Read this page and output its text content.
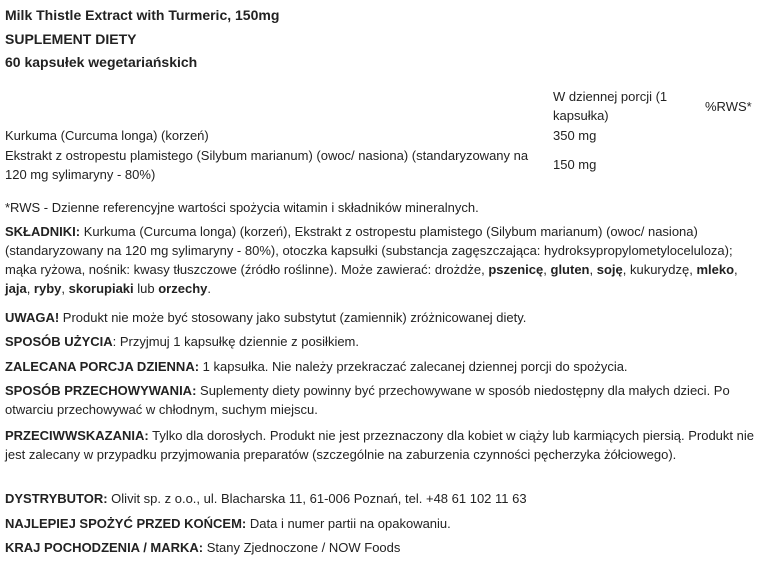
Milk Thistle Extract with Turmeric, 150mg
SUPLEMENT DIETY
60 kapsułek wegetariańskich
W dziennej porcji (1 kapsułka)
%RWS*
Kurkuma (Curcuma longa) (korzeń)	350 mg
Ekstrakt z ostropestu plamistego (Silybum marianum) (owoc/ nasiona) (standaryzowany na 120 mg sylimaryny - 80%)
150 mg
*RWS - Dzienne referencyjne wartości spożycia witamin i składników mineralnych.
SKŁADNIKI: Kurkuma (Curcuma longa) (korzeń), Ekstrakt z ostropestu plamistego (Silybum marianum) (owoc/ nasiona) (standaryzowany na 120 mg sylimaryny - 80%), otoczka kapsułki (substancja zagęszczająca: hydroksypropylometyloceluloza); mąka ryżowa, nośnik: kwasy tłuszczowe (źródło roślinne). Może zawierać: drożdże, pszenicę, gluten, soję, kukurydzę, mleko, jaja, ryby, skorupiaki lub orzechy.
UWAGA! Produkt nie może być stosowany jako substytut (zamiennik) zróżnicowanej diety.
SPOSÓB UŻYCIA: Przyjmuj 1 kapsułkę dziennie z posiłkiem.
ZALECANA PORCJA DZIENNA: 1 kapsułka. Nie należy przekraczać zalecanej dziennej porcji do spożycia.
SPOSÓB PRZECHOWYWANIA: Suplementy diety powinny być przechowywane w sposób niedostępny dla małych dzieci. Po otwarciu przechowywać w chłodnym, suchym miejscu.
PRZECIWWSKAZANIA: Tylko dla dorosłych. Produkt nie jest przeznaczony dla kobiet w ciąży lub karmiących piersią. Produkt nie jest zalecany w przypadku przyjmowania preparatów (szczególnie na zaburzenia czynności pęcherzyka żółciowego).
DYSTRYBUTOR: Olivit sp. z o.o., ul. Blacharska 11, 61-006 Poznań, tel. +48 61 102 11 63
NAJLEPIEJ SPOŻYĆ PRZED KOŃCEM: Data i numer partii na opakowaniu.
KRAJ POCHODZENIA / MARKA: Stany Zjednoczone / NOW Foods
